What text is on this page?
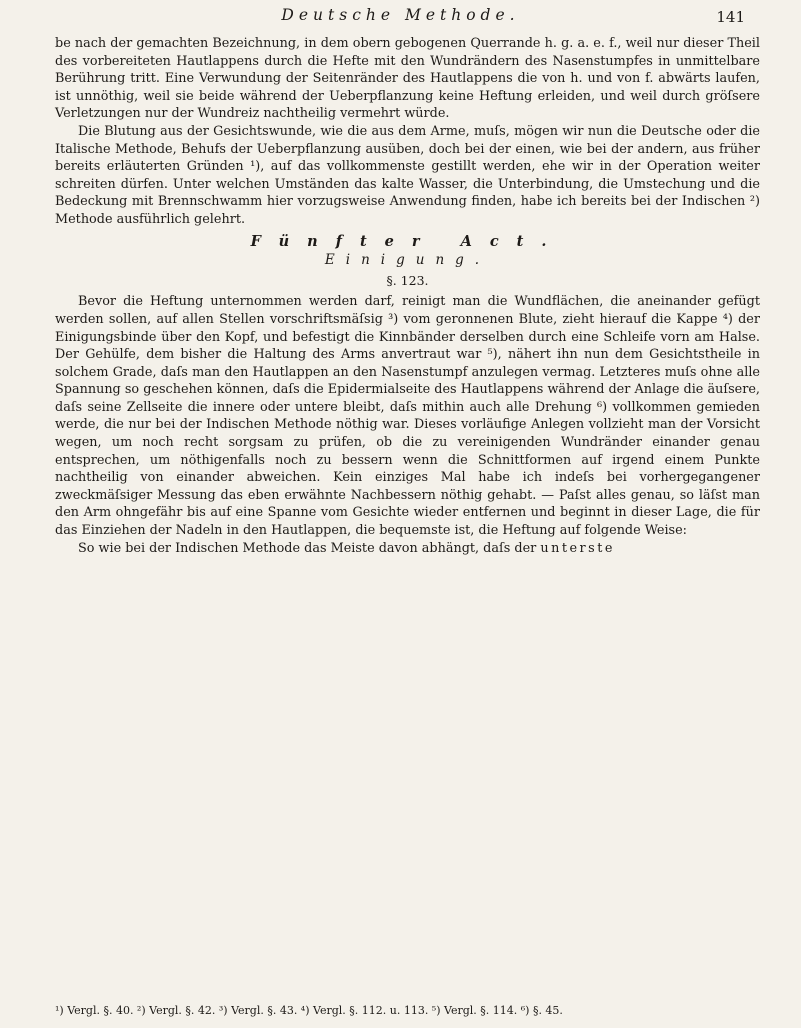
Deutsche Methode.	141

be nach der gemachten Bezeichnung, in dem obern gebogenen Querrande h. g. a. e. f., weil nur dieser Theil des vorbereiteten Hautlappens durch die Hefte mit den Wundrändern des Nasenstumpfes in unmittelbare Berührung tritt. Eine Verwundung der Seitenränder des Hautlappens die von h. und von f. abwärts laufen, ist unnöthig, weil sie beide während der Ueberpflanzung keine Heftung erleiden, und weil durch gröſsere Verletzungen nur der Wundreiz nachtheilig vermehrt würde.

Die Blutung aus der Gesichtswunde, wie die aus dem Arme, muſs, mögen wir nun die Deutsche oder die Italische Methode, Behufs der Ueberpflanzung ausüben, doch bei der einen, wie bei der andern, aus früher bereits erläuterten Gründen ¹), auf das vollkommenste gestillt werden, ehe wir in der Operation weiter schreiten dürfen. Unter welchen Umständen das kalte Wasser, die Unterbindung, die Umstechung und die Bedeckung mit Brennschwamm hier vorzugsweise Anwendung finden, habe ich bereits bei der Indischen ²) Methode ausführlich gelehrt.

Fünfter Act.
Einigung.
§. 123.

Bevor die Heftung unternommen werden darf, reinigt man die Wundflächen, die aneinander gefügt werden sollen, auf allen Stellen vorschriftsmäſsig ³) vom geronnenen Blute, zieht hierauf die Kappe ⁴) der Einigungsbinde über den Kopf, und befestigt die Kinnbänder derselben durch eine Schleife vorn am Halse. Der Gehülfe, dem bisher die Haltung des Arms anvertraut war ⁵), nähert ihn nun dem Gesichtstheile in solchem Grade, daſs man den Hautlappen an den Nasenstumpf anzulegen vermag. Letzteres muſs ohne alle Spannung so geschehen können, daſs die Epidermialseite des Hautlappens während der Anlage die äuſsere, daſs seine Zellseite die innere oder untere bleibt, daſs mithin auch alle Drehung ⁶) vollkommen gemieden werde, die nur bei der Indischen Methode nöthig war. Dieses vorläufige Anlegen vollzieht man der Vorsicht wegen, um noch recht sorgsam zu prüfen, ob die zu vereinigenden Wundränder einander genau entsprechen, um nöthigenfalls noch zu bessern wenn die Schnittformen auf irgend einem Punkte nachtheilig von einander abweichen. Kein einziges Mal habe ich indeſs bei vorhergegangener zweckmäſsiger Messung das eben erwähnte Nachbessern nöthig gehabt. — Paſst alles genau, so läſst man den Arm ohngefähr bis auf eine Spanne vom Gesichte wieder entfernen und beginnt in dieser Lage, die für das Einziehen der Nadeln in den Hautlappen, die bequemste ist, die Heftung auf folgende Weise:

So wie bei der Indischen Methode das Meiste davon abhängt, daſs der unterste

¹) Vergl. §. 40. ²) Vergl. §. 42. ³) Vergl. §. 43. ⁴) Vergl. §. 112. u. 113. ⁵) Vergl. §. 114. ⁶) §. 45.
